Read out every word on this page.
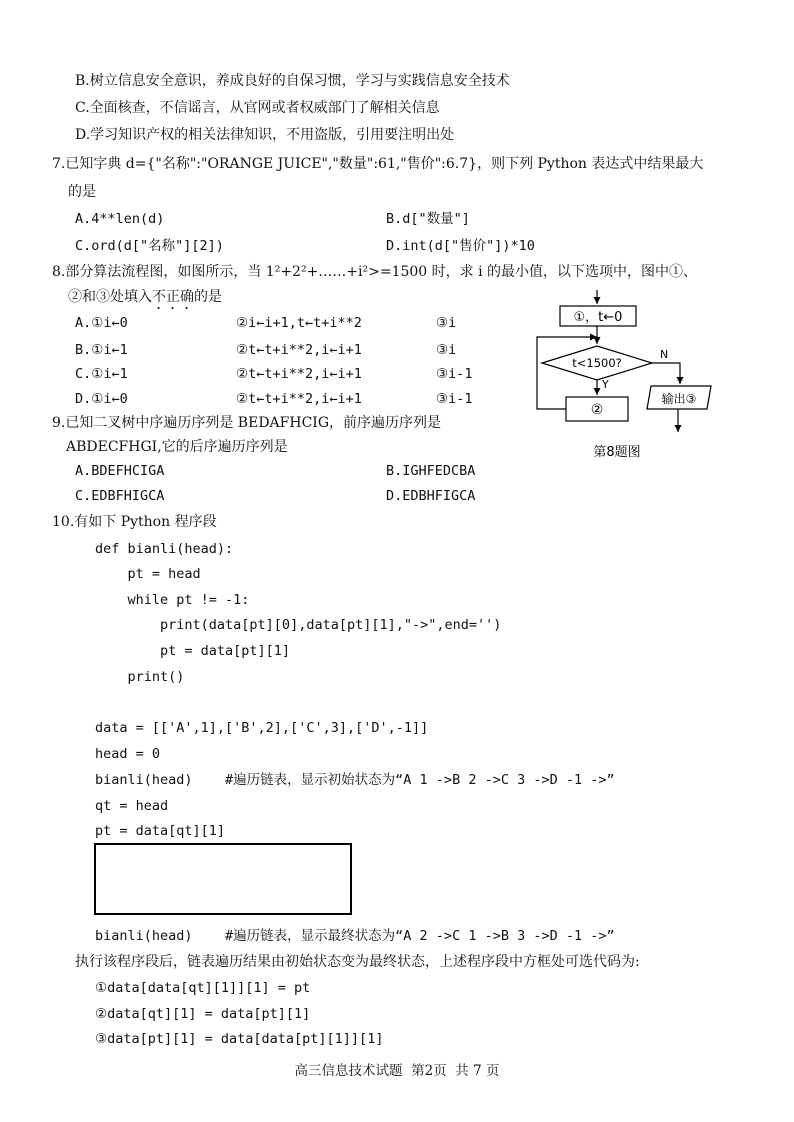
B.树立信息安全意识，养成良好的自保习惯，学习与实践信息安全技术
C.全面核查，不信谣言，从官网或者权威部门了解相关信息
D.学习知识产权的相关法律知识，不用盗版，引用要注明出处
7.已知字典 d={"名称":"ORANGE JUICE","数量":61,"售价":6.7}，则下列 Python 表达式中结果最大
的是
A.4**len(d)	B.d["数量"]
C.ord(d["名称"][2])	D.int(d["售价"])*10
8.部分算法流程图，如图所示，当 1²+2²+……+i²>=1500 时，求 i 的最小值，以下选项中，图中①、
②和③处填入不正确的是
A.①i←0	②i←i+1,t←t+i**2	③i
B.①i←1	②t←t+i**2,i←i+1	③i
C.①i←1	②t←t+i**2,i←i+1	③i-1
D.①i←0	②t←t+i**2,i←i+1	③i-1
①，t←0
t<1500?
Y
N
②
输出③
第8题图
9.已知二叉树中序遍历序列是 BEDAFHCIG，前序遍历序列是
ABDECFHGI,它的后序遍历序列是
A.BDEFHCIGA	B.IGHFEDCBA
C.EDBFHIGCA	D.EDBHFIGCA
10.有如下 Python 程序段
def bianli(head):
pt = head
while pt != -1:
print(data[pt][0],data[pt][1],"->",end='')
pt = data[pt][1]
print()
data = [['A',1],['B',2],['C',3],['D',-1]]
head = 0
bianli(head)    #遍历链表，显示初始状态为“A 1 ->B 2 ->C 3 ->D -1 ->”
qt = head
pt = data[qt][1]
bianli(head)    #遍历链表，显示最终状态为“A 2 ->C 1 ->B 3 ->D -1 ->”
执行该程序段后，链表遍历结果由初始状态变为最终状态，上述程序段中方框处可选代码为:
①data[data[qt][1]][1] = pt
②data[qt][1] = data[pt][1]
③data[pt][1] = data[data[pt][1]][1]
高三信息技术试题  第2页  共 7 页
